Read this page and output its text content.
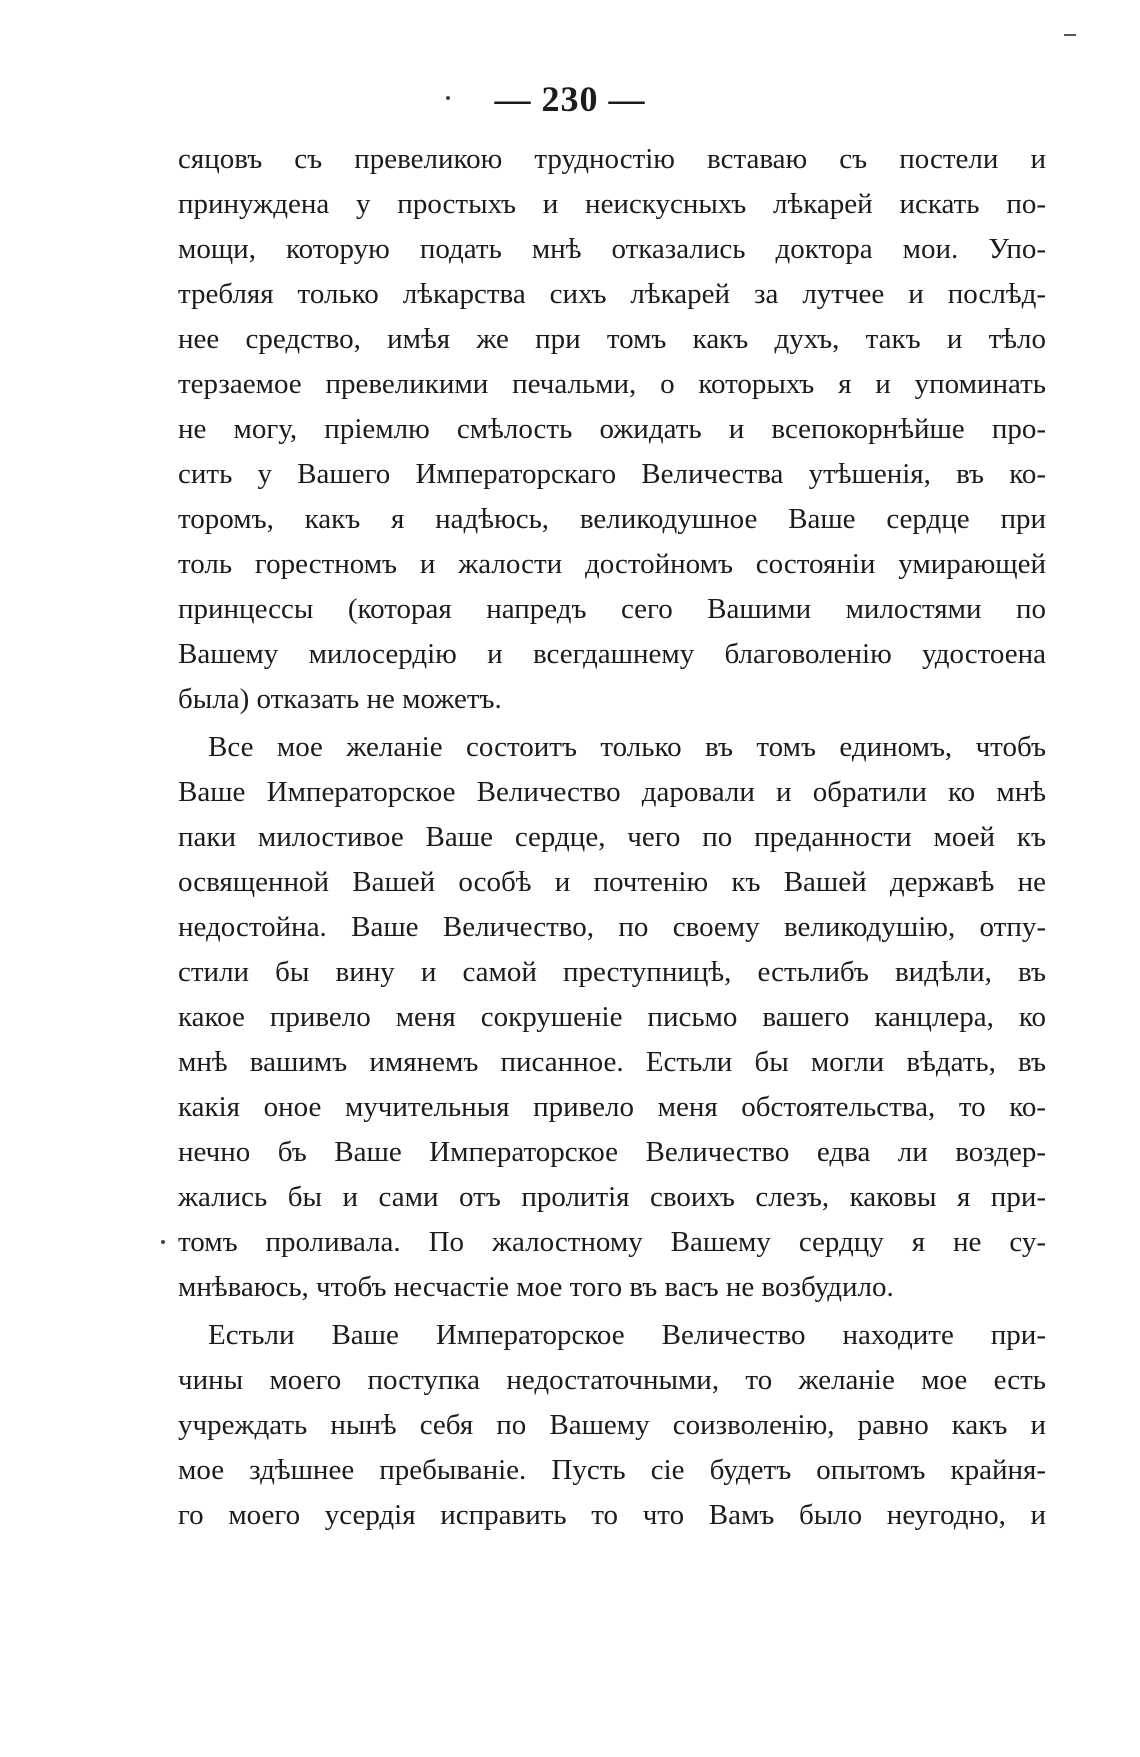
— 230 —
сяцовъ съ превеликою трудностію вставаю съ постели и
принуждена у простыхъ и неискусныхъ лѣкарей искать по-
мощи, которую подать мнѣ отказались доктора мои. Упо-
требляя только лѣкарства сихъ лѣкарей за лутчее и послѣд-
нее средство, имѣя же при томъ какъ духъ, такъ и тѣло
терзаемое превеликими печальми, о которыхъ я и упоминать
не могу, пріемлю смѣлость ожидать и всепокорнѣйше про-
сить у Вашего Императорскаго Величества утѣшенія, въ ко-
торомъ, какъ я надѣюсь, великодушное Ваше сердце при
толь горестномъ и жалости достойномъ состояніи умирающей
принцессы (которая напредъ сего Вашими милостями по
Вашему милосердію и всегдашнему благоволенію удостоена
была) отказать не можетъ.
Все мое желаніе состоитъ только въ томъ единомъ, чтобъ
Ваше Императорское Величество даровали и обратили ко мнѣ
паки милостивое Ваше сердце, чего по преданности моей къ
освященной Вашей особѣ и почтенію къ Вашей державѣ не
недостойна. Ваше Величество, по своему великодушію, отпу-
стили бы вину и самой преступницѣ, естьлибъ видѣли, въ
какое привело меня сокрушеніе письмо вашего канцлера, ко
мнѣ вашимъ имянемъ писанное. Естьли бы могли вѣдать, въ
какія оное мучительныя привело меня обстоятельства, то ко-
нечно бъ Ваше Императорское Величество едва ли воздер-
жались бы и сами отъ пролитія своихъ слезъ, каковы я при-
томъ проливала. По жалостному Вашему сердцу я не су-
мнѣваюсь, чтобъ несчастіе мое того въ васъ не возбудило.
Естьли Ваше Императорское Величество находите при-
чины моего поступка недостаточными, то желаніе мое есть
учреждать нынѣ себя по Вашему соизволенію, равно какъ и
мое здѣшнее пребываніе. Пусть сіе будетъ опытомъ крайня-
го моего усердія исправить то что Вамъ было неугодно, и
